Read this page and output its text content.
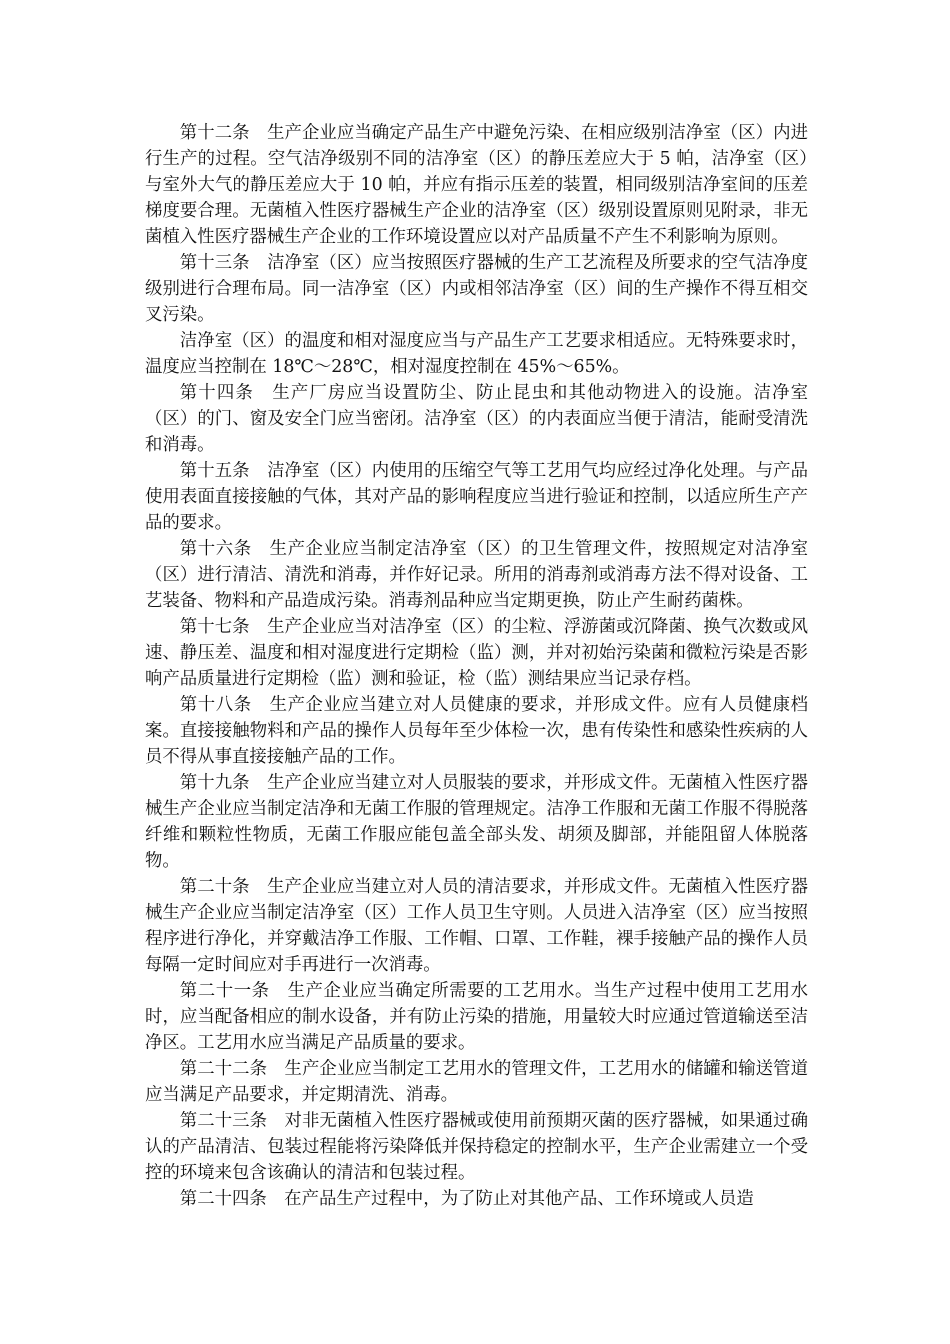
第十二条　 生产企业应当确定产品生产中避免污染、在相应级别洁净室（区）内进行生产的过程。空气洁净级别不同的洁净室（区）的静压差应大于 5 帕，洁净室（区）与室外大气的静压差应大于 10 帕，并应有指示压差的装置，相同级别洁净室间的压差梯度要合理。无菌植入性医疗器械生产企业的洁净室（区）级别设置原则见附录，非无菌植入性医疗器械生产企业的工作环境设置应以对产品质量不产生不利影响为原则。

第十三条　 洁净室（区）应当按照医疗器械的生产工艺流程及所要求的空气洁净度级别进行合理布局。同一洁净室（区）内或相邻洁净室（区）间的生产操作不得互相交叉污染。

洁净室（区）的温度和相对湿度应当与产品生产工艺要求相适应。无特殊要求时，温度应当控制在 18℃～28℃，相对湿度控制在 45%～65%。

第十四条　 生产厂房应当设置防尘、防止昆虫和其他动物进入的设施。洁净室（区）的门、窗及安全门应当密闭。洁净室（区）的内表面应当便于清洁，能耐受清洗和消毒。

第十五条　 洁净室（区）内使用的压缩空气等工艺用气均应经过净化处理。与产品使用表面直接接触的气体，其对产品的影响程度应当进行验证和控制，以适应所生产产品的要求。

第十六条　 生产企业应当制定洁净室（区）的卫生管理文件，按照规定对洁净室（区）进行清洁、清洗和消毒，并作好记录。所用的消毒剂或消毒方法不得对设备、工艺装备、物料和产品造成污染。消毒剂品种应当定期更换，防止产生耐药菌株。

第十七条　 生产企业应当对洁净室（区）的尘粒、浮游菌或沉降菌、换气次数或风速、静压差、温度和相对湿度进行定期检（监）测，并对初始污染菌和微粒污染是否影响产品质量进行定期检（监）测和验证，检（监）测结果应当记录存档。

第十八条　 生产企业应当建立对人员健康的要求，并形成文件。应有人员健康档案。直接接触物料和产品的操作人员每年至少体检一次，患有传染性和感染性疾病的人员不得从事直接接触产品的工作。

第十九条　 生产企业应当建立对人员服装的要求，并形成文件。无菌植入性医疗器械生产企业应当制定洁净和无菌工作服的管理规定。洁净工作服和无菌工作服不得脱落纤维和颗粒性物质，无菌工作服应能包盖全部头发、胡须及脚部，并能阻留人体脱落物。

第二十条　 生产企业应当建立对人员的清洁要求，并形成文件。无菌植入性医疗器械生产企业应当制定洁净室（区）工作人员卫生守则。人员进入洁净室（区）应当按照程序进行净化，并穿戴洁净工作服、工作帽、口罩、工作鞋，裸手接触产品的操作人员每隔一定时间应对手再进行一次消毒。

第二十一条　 生产企业应当确定所需要的工艺用水。当生产过程中使用工艺用水时，应当配备相应的制水设备，并有防止污染的措施，用量较大时应通过管道输送至洁净区。工艺用水应当满足产品质量的要求。

第二十二条　 生产企业应当制定工艺用水的管理文件，工艺用水的储罐和输送管道应当满足产品要求，并定期清洗、消毒。

第二十三条　 对非无菌植入性医疗器械或使用前预期灭菌的医疗器械，如果通过确认的产品清洁、包装过程能将污染降低并保持稳定的控制水平，生产企业需建立一个受控的环境来包含该确认的清洁和包装过程。

第二十四条　 在产品生产过程中，为了防止对其他产品、工作环境或人员造
